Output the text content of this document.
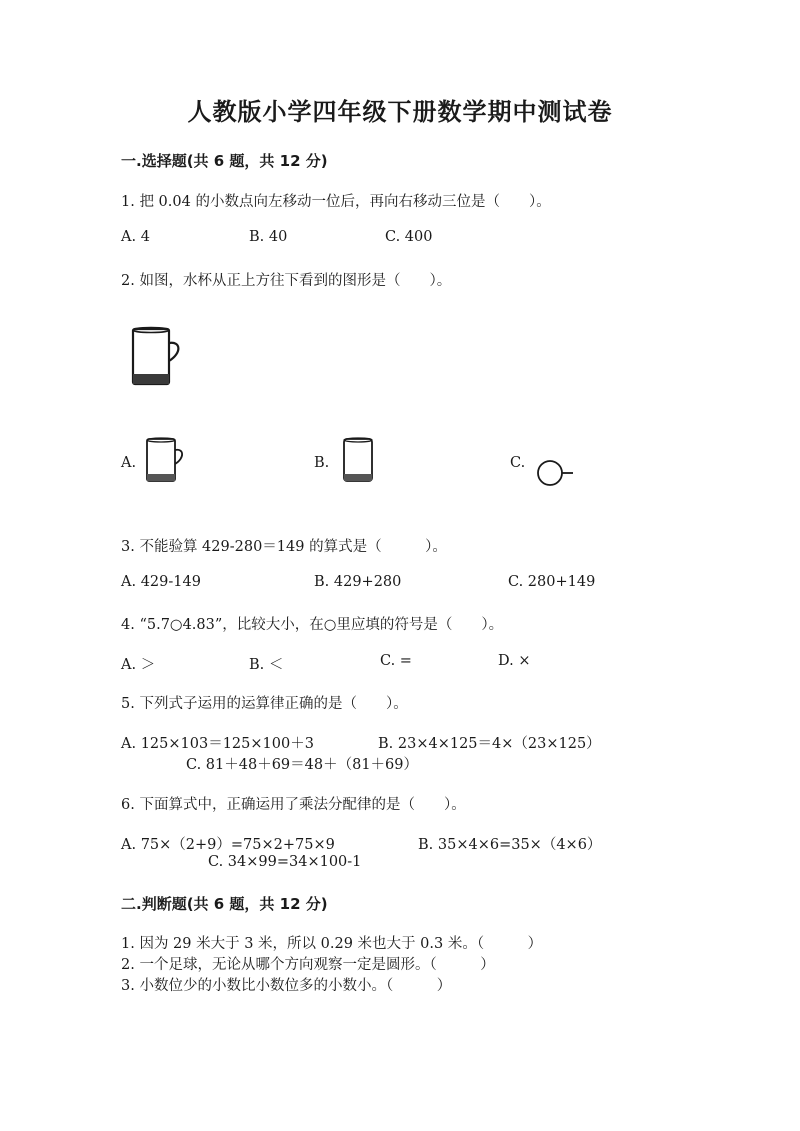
人教版小学四年级下册数学期中测试卷
一.选择题(共 6 题，共 12 分)
1. 把 0.04 的小数点向左移动一位后，再向右移动三位是（　　）。
A. 4	B. 40	C. 400
2. 如图，水杯从正上方往下看到的图形是（　　）。
A.	B.	C.
3. 不能验算 429-280＝149 的算式是（　　　）。
A. 429-149	B. 429+280	C. 280+149
4. “5.7○4.83”，比较大小，在○里应填的符号是（　　）。
A. ＞	B. ＜	C. =	D. ×
5. 下列式子运用的运算律正确的是（　　）。
A. 125×103＝125×100＋3	B. 23×4×125＝4×（23×125）
C. 81＋48＋69＝48＋（81＋69）
6. 下面算式中，正确运用了乘法分配律的是（　　）。
A. 75×（2+9）=75×2+75×9	B. 35×4×6=35×（4×6）
C. 34×99=34×100-1
二.判断题(共 6 题，共 12 分)
1. 因为 29 米大于 3 米，所以 0.29 米也大于 0.3 米。（　　　）
2. 一个足球，无论从哪个方向观察一定是圆形。（　　　）
3. 小数位少的小数比小数位多的小数小。（　　　）
